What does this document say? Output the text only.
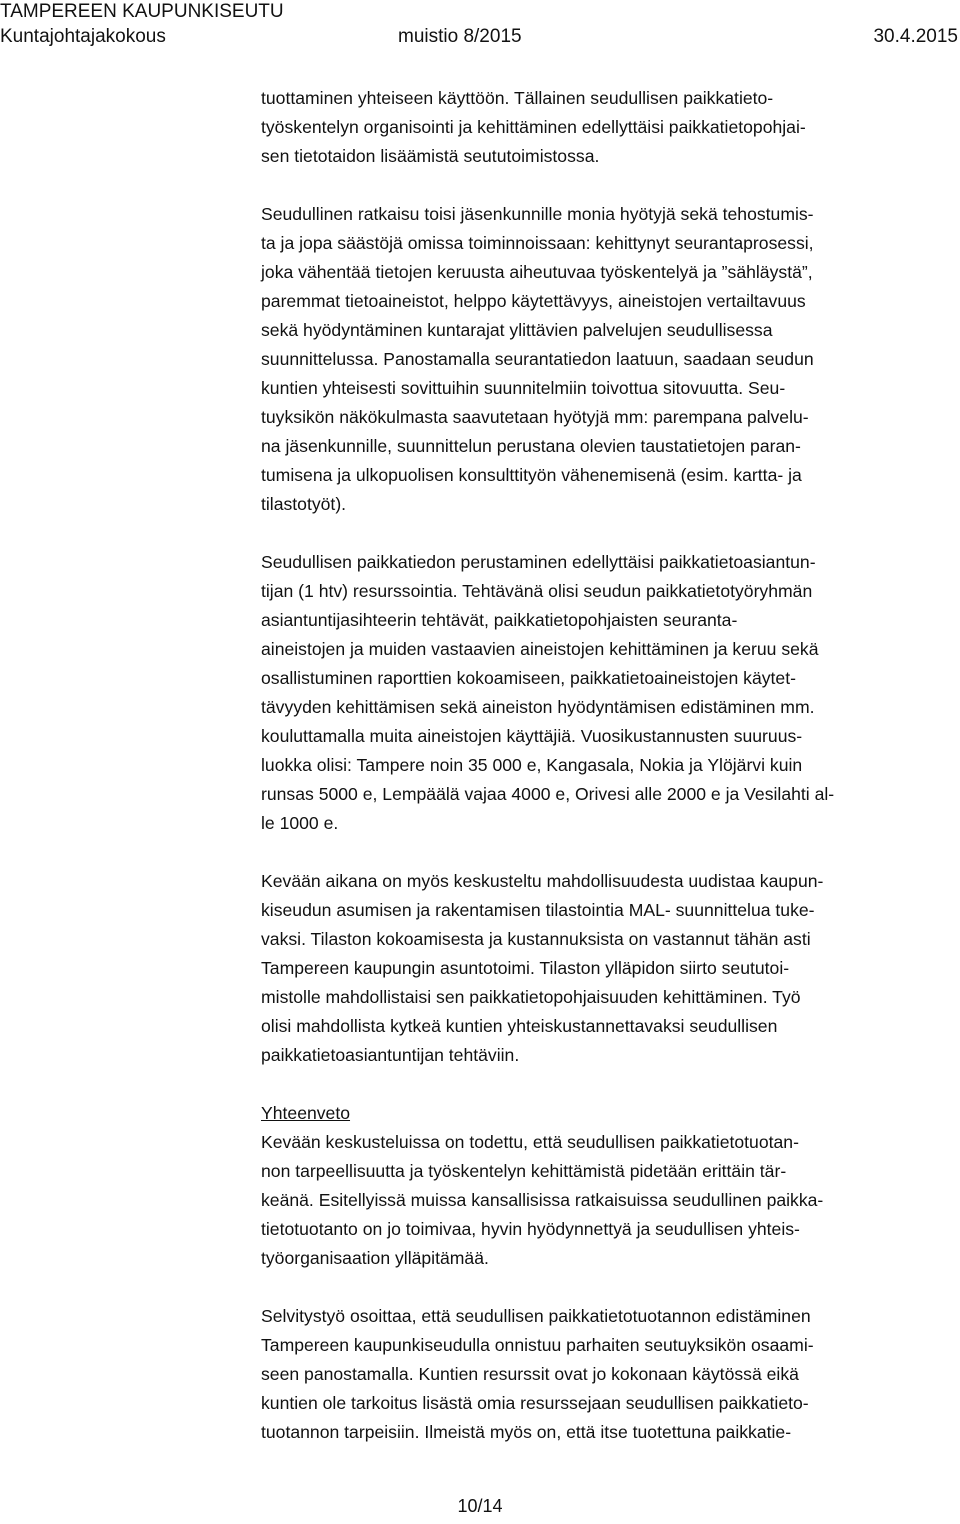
TAMPEREEN KAUPUNKISEUTU
Kuntajohtajakokous	muistio 8/2015	30.4.2015
tuottaminen yhteiseen käyttöön. Tällainen seudullisen paikkatieto-
työskentelyn organisointi ja kehittäminen edellyttäisi paikkatietopohjai-
sen tietotaidon lisäämistä seututoimistossa.
Seudullinen ratkaisu toisi jäsenkunnille monia hyötyjä sekä tehostumis-
ta ja jopa säästöjä omissa toiminnoissaan: kehittynyt seurantaprosessi,
joka vähentää tietojen keruusta aiheutuvaa työskentelyä ja ”sähläystä”,
paremmat tietoaineistot, helppo käytettävyys, aineistojen vertailtavuus
sekä hyödyntäminen kuntarajat ylittävien palvelujen seudullisessa
suunnittelussa. Panostamalla seurantatiedon laatuun, saadaan seudun
kuntien yhteisesti sovittuihin suunnitelmiin toivottua sitovuutta. Seu-
tuyksikön näkökulmasta saavutetaan hyötyjä mm: parempana palvelu-
na jäsenkunnille, suunnittelun perustana olevien taustatietojen paran-
tumisena ja ulkopuolisen konsulttityön vähenemisenä (esim. kartta- ja
tilastotyöt).
Seudullisen paikkatiedon perustaminen edellyttäisi paikkatietoasiantun-
tijan (1 htv) resurssointia. Tehtävänä olisi seudun paikkatietotyöryhmän
asiantuntijasihteerin tehtävät, paikkatietopohjaisten seuranta-
aineistojen ja muiden vastaavien aineistojen kehittäminen ja keruu sekä
osallistuminen raporttien kokoamiseen, paikkatietoaineistojen käytet-
tävyyden kehittämisen sekä aineiston hyödyntämisen edistäminen mm.
kouluttamalla muita aineistojen käyttäjiä. Vuosikustannusten suuruus-
luokka olisi: Tampere noin 35 000 e, Kangasala, Nokia ja Ylöjärvi kuin
runsas 5000 e, Lempäälä vajaa 4000 e, Orivesi alle 2000 e ja Vesilahti al-
le 1000 e.
Kevään aikana on myös keskusteltu mahdollisuudesta uudistaa kaupun-
kiseudun asumisen ja rakentamisen tilastointia MAL- suunnittelua tuke-
vaksi. Tilaston kokoamisesta ja kustannuksista on vastannut tähän asti
Tampereen kaupungin asuntotoimi. Tilaston ylläpidon siirto seututoi-
mistolle mahdollistaisi sen paikkatietopohjaisuuden kehittäminen. Työ
olisi mahdollista kytkeä kuntien yhteiskustannettavaksi seudullisen
paikkatietoasiantuntijan tehtäviin.
Yhteenveto
Kevään keskusteluissa on todettu, että seudullisen paikkatietotuotan-
non tarpeellisuutta ja työskentelyn kehittämistä pidetään erittäin tär-
keänä. Esitellyissä muissa kansallisissa ratkaisuissa seudullinen paikka-
tietotuotanto on jo toimivaa, hyvin hyödynnettyä ja seudullisen yhteis-
työorganisaation ylläpitämää.
Selvitystyö osoittaa, että seudullisen paikkatietotuotannon edistäminen
Tampereen kaupunkiseudulla onnistuu parhaiten seutuyksikön osaami-
seen panostamalla. Kuntien resurssit ovat jo kokonaan käytössä eikä
kuntien ole tarkoitus lisästä omia resurssejaan seudullisen paikkatieto-
tuotannon tarpeisiin. Ilmeistä myös on, että itse tuotettuna paikkatie-
10/14
